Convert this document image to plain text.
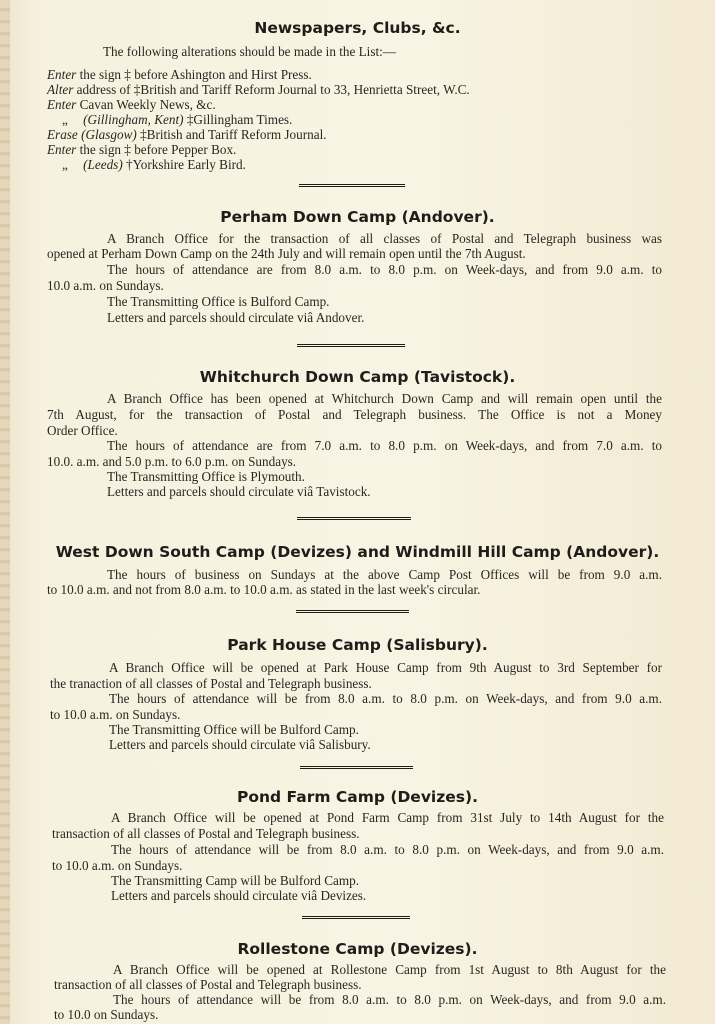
Newspapers, Clubs, &c.
The following alterations should be made in the List:—
Enter the sign ‡ before Ashington and Hirst Press.
Alter address of ‡British and Tariff Reform Journal to 33, Henrietta Street, W.C.
Enter Cavan Weekly News, &c.
„ (Gillingham, Kent) ‡Gillingham Times.
Erase (Glasgow) ‡British and Tariff Reform Journal.
Enter the sign ‡ before Pepper Box.
„ (Leeds) †Yorkshire Early Bird.
Perham Down Camp (Andover).
A Branch Office for the transaction of all classes of Postal and Telegraph business was
opened at Perham Down Camp on the 24th July and will remain open until the 7th August.
The hours of attendance are from 8.0 a.m. to 8.0 p.m. on Week-days, and from 9.0 a.m. to
10.0 a.m. on Sundays.
The Transmitting Office is Bulford Camp.
Letters and parcels should circulate viâ Andover.
Whitchurch Down Camp (Tavistock).
A Branch Office has been opened at Whitchurch Down Camp and will remain open until the
7th August, for the transaction of Postal and Telegraph business. The Office is not a Money
Order Office.
The hours of attendance are from 7.0 a.m. to 8.0 p.m. on Week-days, and from 7.0 a.m. to
10.0. a.m. and 5.0 p.m. to 6.0 p.m. on Sundays.
The Transmitting Office is Plymouth.
Letters and parcels should circulate viâ Tavistock.
West Down South Camp (Devizes) and Windmill Hill Camp (Andover).
The hours of business on Sundays at the above Camp Post Offices will be from 9.0 a.m.
to 10.0 a.m. and not from 8.0 a.m. to 10.0 a.m. as stated in the last week's circular.
Park House Camp (Salisbury).
A Branch Office will be opened at Park House Camp from 9th August to 3rd September for
the tranaction of all classes of Postal and Telegraph business.
The hours of attendance will be from 8.0 a.m. to 8.0 p.m. on Week-days, and from 9.0 a.m.
to 10.0 a.m. on Sundays.
The Transmitting Office will be Bulford Camp.
Letters and parcels should circulate viâ Salisbury.
Pond Farm Camp (Devizes).
A Branch Office will be opened at Pond Farm Camp from 31st July to 14th August for the
transaction of all classes of Postal and Telegraph business.
The hours of attendance will be from 8.0 a.m. to 8.0 p.m. on Week-days, and from 9.0 a.m.
to 10.0 a.m. on Sundays.
The Transmitting Camp will be Bulford Camp.
Letters and parcels should circulate viâ Devizes.
Rollestone Camp (Devizes).
A Branch Office will be opened at Rollestone Camp from 1st August to 8th August for the
transaction of all classes of Postal and Telegraph business.
The hours of attendance will be from 8.0 a.m. to 8.0 p.m. on Week-days, and from 9.0 a.m.
to 10.0 on Sundays.
